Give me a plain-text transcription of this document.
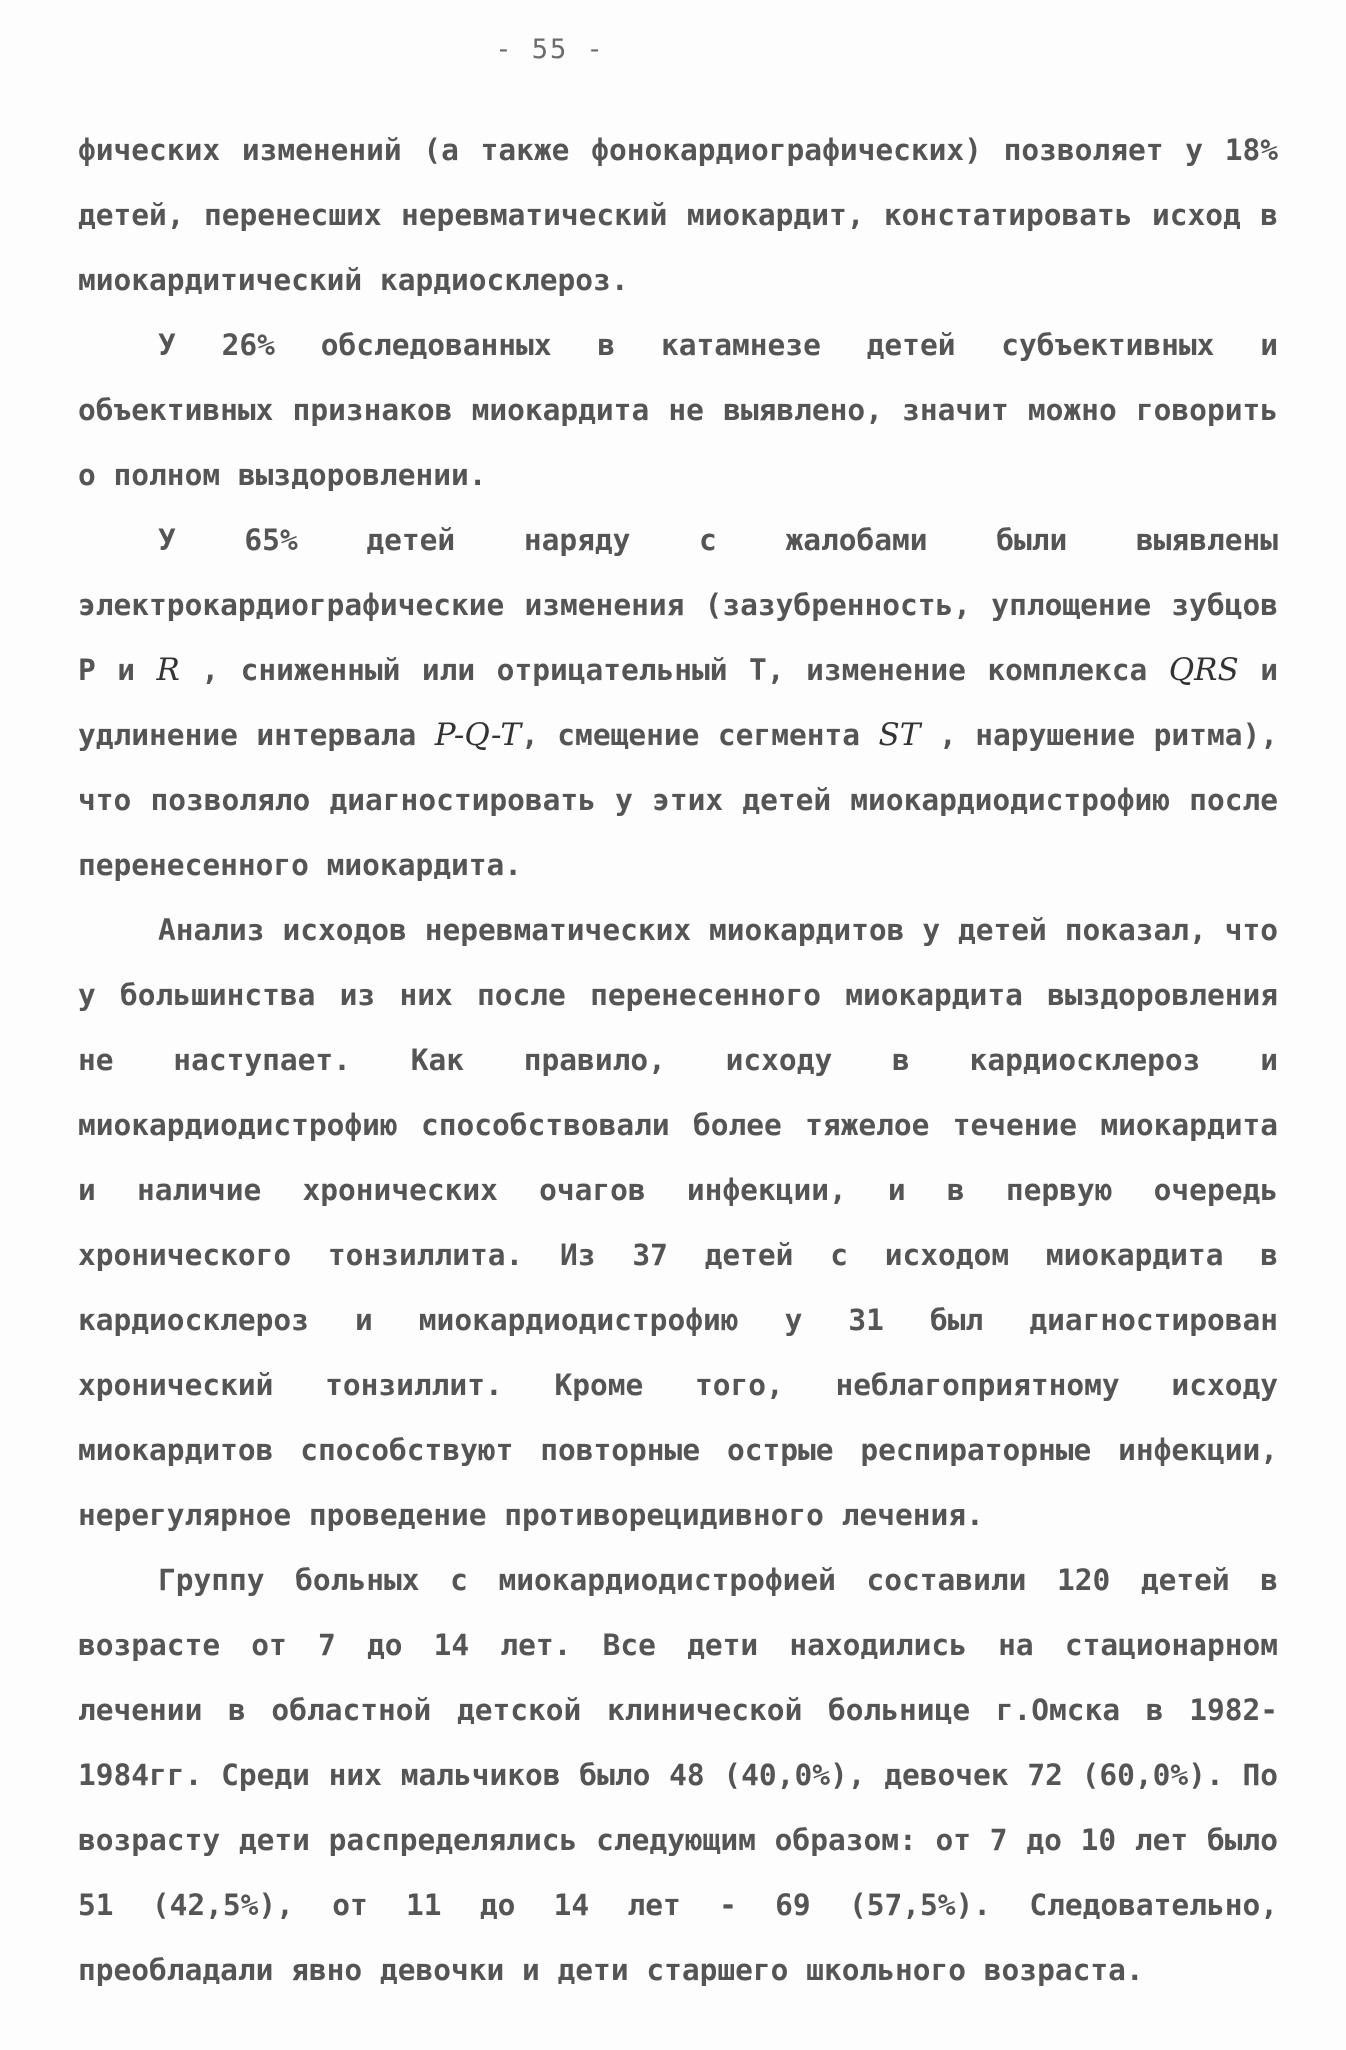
- 55 -

фических изменений (а также фонокардиографических) позволяет у 18% детей, перенесших неревматический миокардит, констатировать исход в миокардитический кардиосклероз.

У 26% обследованных в катамнезе детей субъективных и объективных признаков миокардита не выявлено, значит можно говорить о полном выздоровлении.

У 65% детей наряду с жалобами были выявлены электрокардиографические изменения (зазубренность, уплощение зубцов Р и R , сниженный или отрицательный Т, изменение комплекса QRS и удлинение интервала P-Q-T, смещение сегмента ST , нарушение ритма), что позволяло диагностировать у этих детей миокардиодистрофию после перенесенного миокардита.

Анализ исходов неревматических миокардитов у детей показал, что у большинства из них после перенесенного миокардита выздоровления не наступает. Как правило, исходу в кардиосклероз и миокардиодистрофию способствовали более тяжелое течение миокардита и наличие хронических очагов инфекции, и в первую очередь хронического тонзиллита. Из 37 детей с исходом миокардита в кардиосклероз и миокардиодистрофию у 31 был диагностирован хронический тонзиллит. Кроме того, неблагоприятному исходу миокардитов способствуют повторные острые респираторные инфекции, нерегулярное проведение противорецидивного лечения.

Группу больных с миокардиодистрофией составили 120 детей в возрасте от 7 до 14 лет. Все дети находились на стационарном лечении в областной детской клинической больнице г.Омска в 1982-1984гг. Среди них мальчиков было 48 (40,0%), девочек 72 (60,0%). По возрасту дети распределялись следующим образом: от 7 до 10 лет было 51 (42,5%), от 11 до 14 лет - 69 (57,5%). Следовательно, преобладали явно девочки и дети старшего школьного возраста.
